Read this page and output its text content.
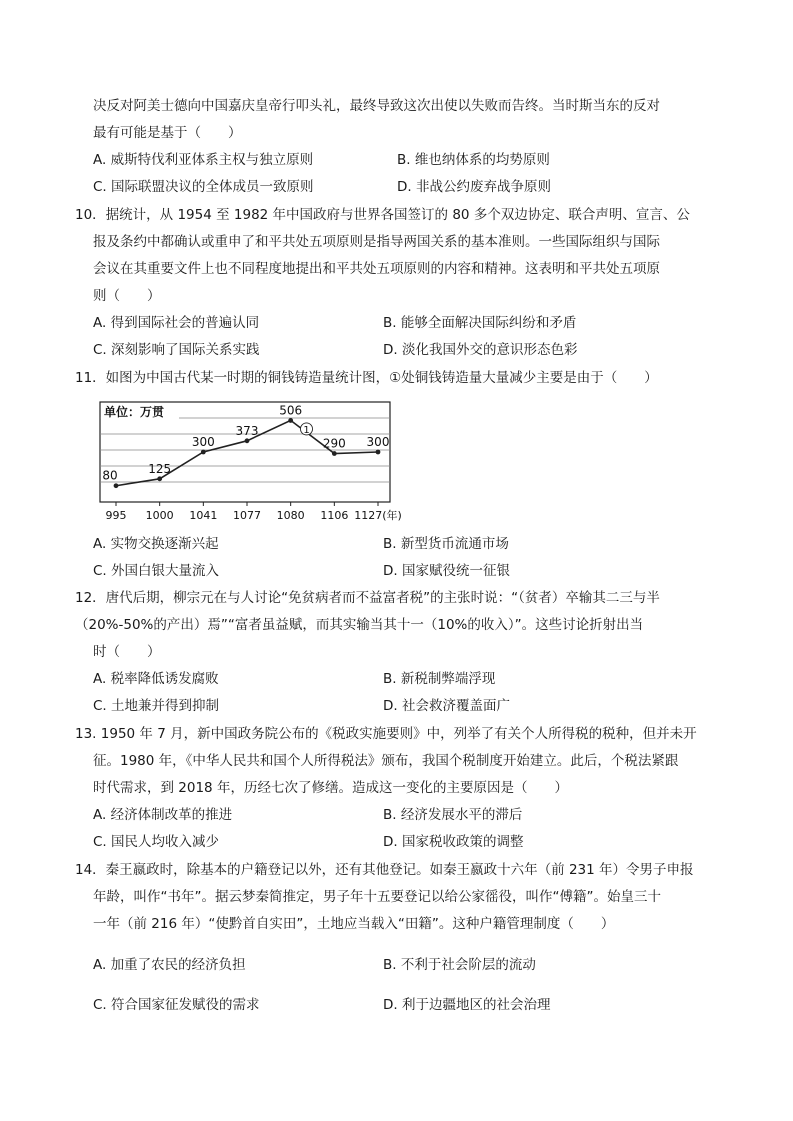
决反对阿美士德向中国嘉庆皇帝行叩头礼，最终导致这次出使以失败而告终。当时斯当东的反对
最有可能是基于（　　）
A. 威斯特伐利亚体系主权与独立原则	B. 维也纳体系的均势原则
C. 国际联盟决议的全体成员一致原则	D. 非战公约废弃战争原则
10．据统计，从 1954 至 1982 年中国政府与世界各国签订的 80 多个双边协定、联合声明、宣言、公
报及条约中都确认或重申了和平共处五项原则是指导两国关系的基本准则。一些国际组织与国际
会议在其重要文件上也不同程度地提出和平共处五项原则的内容和精神。这表明和平共处五项原
则（　　）
A. 得到国际社会的普遍认同	B. 能够全面解决国际纠纷和矛盾
C. 深刻影响了国际关系实践	D. 淡化我国外交的意识形态色彩
11．如图为中国古代某一时期的铜钱铸造量统计图，①处铜钱铸造量大量减少主要是由于（　　）
单位：万贯
80	125
300
373
506
290 300
1
995 1000 1041 1077 1080 1106 1127(年)
A. 实物交换逐渐兴起	B. 新型货币流通市场
C. 外国白银大量流入	D. 国家赋役统一征银
12．唐代后期，柳宗元在与人讨论“免贫病者而不益富者税”的主张时说：“（贫者）卒输其二三与半
（20%-50%的产出）焉”“富者虽益赋，而其实输当其十一（10%的收入）”。这些讨论折射出当
时（　　）
A. 税率降低诱发腐败	B. 新税制弊端浮现
C. 土地兼并得到抑制	D. 社会救济覆盖面广
13. 1950 年 7 月，新中国政务院公布的《税政实施要则》中，列举了有关个人所得税的税种，但并未开
征。1980 年，《中华人民共和国个人所得税法》颁布，我国个税制度开始建立。此后，个税法紧跟
时代需求，到 2018 年，历经七次了修缮。造成这一变化的主要原因是（　　）
A. 经济体制改革的推进	B. 经济发展水平的滞后
C. 国民人均收入减少	D. 国家税收政策的调整
14．秦王嬴政时，除基本的户籍登记以外，还有其他登记。如秦王嬴政十六年（前 231 年）令男子申报
年龄，叫作“书年”。据云梦秦简推定，男子年十五要登记以给公家徭役，叫作“傅籍”。始皇三十
一年（前 216 年）“使黔首自实田”，土地应当载入“田籍”。这种户籍管理制度（　　）
A. 加重了农民的经济负担	B. 不利于社会阶层的流动
C. 符合国家征发赋役的需求	D. 利于边疆地区的社会治理
